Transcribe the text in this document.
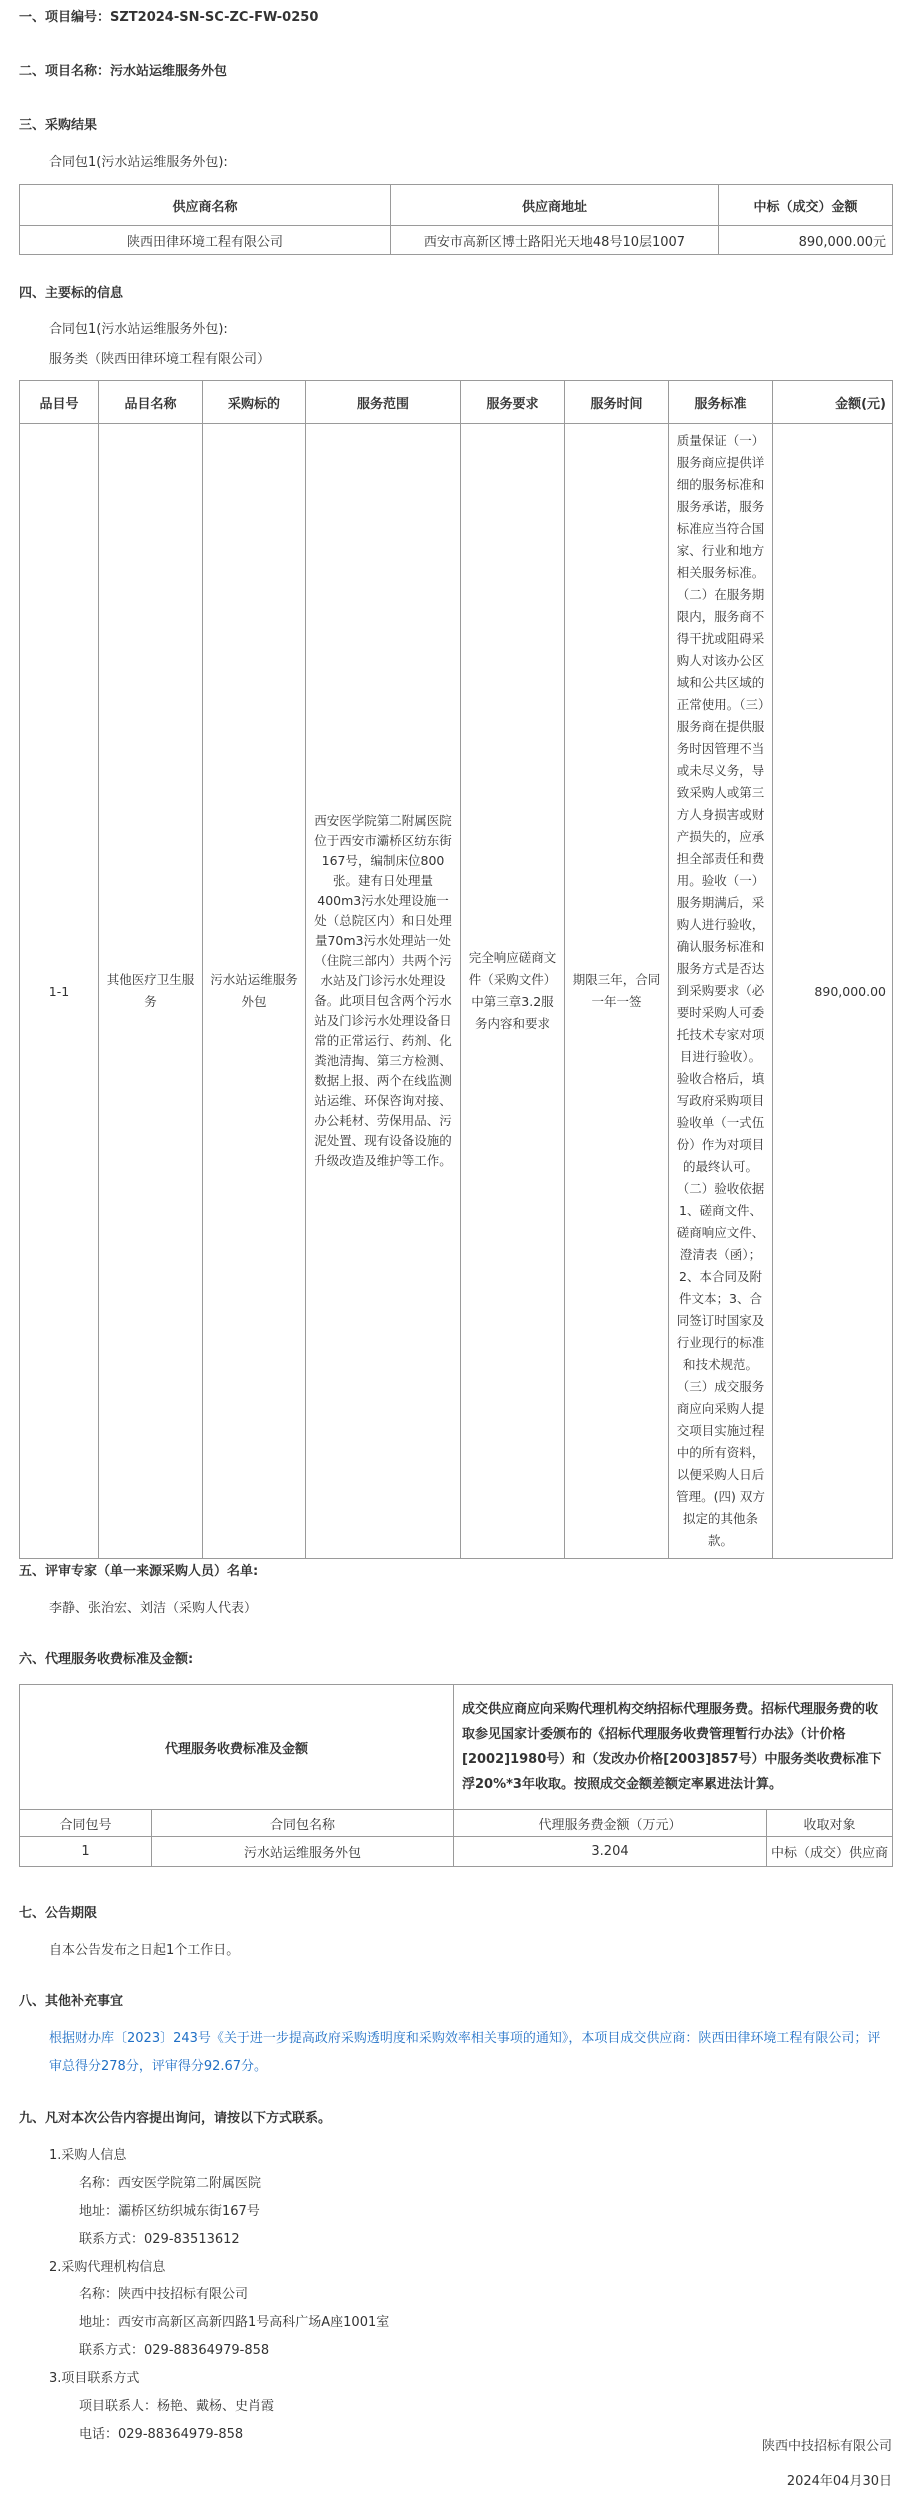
一、项目编号：SZT2024-SN-SC-ZC-FW-0250
二、项目名称：污水站运维服务外包
三、采购结果
合同包1(污水站运维服务外包):
供应商名称	供应商地址	中标（成交）金额
陕西田律环境工程有限公司	西安市高新区博士路阳光天地48号10层1007	890,000.00元
四、主要标的信息
合同包1(污水站运维服务外包):
服务类（陕西田律环境工程有限公司）
品目号	品目名称	采购标的	服务范围	服务要求	服务时间	服务标准	金额(元)
1-1	其他医疗卫生服务	污水站运维服务外包	西安医学院第二附属医院位于西安市灞桥区纺东街167号，编制床位800张。建有日处理量400m3污水处理设施一处（总院区内）和日处理量70m3污水处理站一处（住院三部内）共两个污水站及门诊污水处理设备。此项目包含两个污水站及门诊污水处理设备日常的正常运行、药剂、化粪池清掏、第三方检测、数据上报、两个在线监测站运维、环保咨询对接、办公耗材、劳保用品、污泥处置、现有设备设施的升级改造及维护等工作。	完全响应磋商文件（采购文件）中第三章3.2服务内容和要求	期限三年，合同一年一签	质量保证（一）服务商应提供详细的服务标准和服务承诺，服务标准应当符合国家、行业和地方相关服务标准。（二）在服务期限内，服务商不得干扰或阻碍采购人对该办公区域和公共区域的正常使用。（三）服务商在提供服务时因管理不当或未尽义务，导致采购人或第三方人身损害或财产损失的，应承担全部责任和费用。验收（一）服务期满后，采购人进行验收，确认服务标准和服务方式是否达到采购要求（必要时采购人可委托技术专家对项目进行验收）。验收合格后，填写政府采购项目验收单（一式伍份）作为对项目的最终认可。（二）验收依据 1、磋商文件、磋商响应文件、澄清表（函）；2、本合同及附件文本；3、合同签订时国家及行业现行的标准和技术规范。（三）成交服务商应向采购人提交项目实施过程中的所有资料，以便采购人日后管理。(四) 双方拟定的其他条款。	890,000.00
五、评审专家（单一来源采购人员）名单:
李静、张治宏、刘洁（采购人代表）
六、代理服务收费标准及金额:
代理服务收费标准及金额		成交供应商应向采购代理机构交纳招标代理服务费。招标代理服务费的收取参见国家计委颁布的《招标代理服务收费管理暂行办法》（计价格[2002]1980号）和（发改办价格[2003]857号）中服务类收费标准下浮20%*3年收取。按照成交金额差额定率累进法计算。	
合同包号	合同包名称	代理服务费金额（万元）	收取对象
1	污水站运维服务外包	3.204	中标（成交）供应商
七、公告期限
自本公告发布之日起1个工作日。
八、其他补充事宜
根据财办库〔2023〕243号《关于进一步提高政府采购透明度和采购效率相关事项的通知》，本项目成交供应商：陕西田律环境工程有限公司；评审总得分278分，评审得分92.67分。
九、凡对本次公告内容提出询问，请按以下方式联系。
1.采购人信息
名称：西安医学院第二附属医院
地址：灞桥区纺织城东街167号
联系方式：029-83513612
2.采购代理机构信息
名称：陕西中技招标有限公司
地址：西安市高新区高新四路1号高科广场A座1001室
联系方式：029-88364979-858
3.项目联系方式
项目联系人：杨艳、戴杨、史肖霞
电话：029-88364979-858
陕西中技招标有限公司
2024年04月30日
